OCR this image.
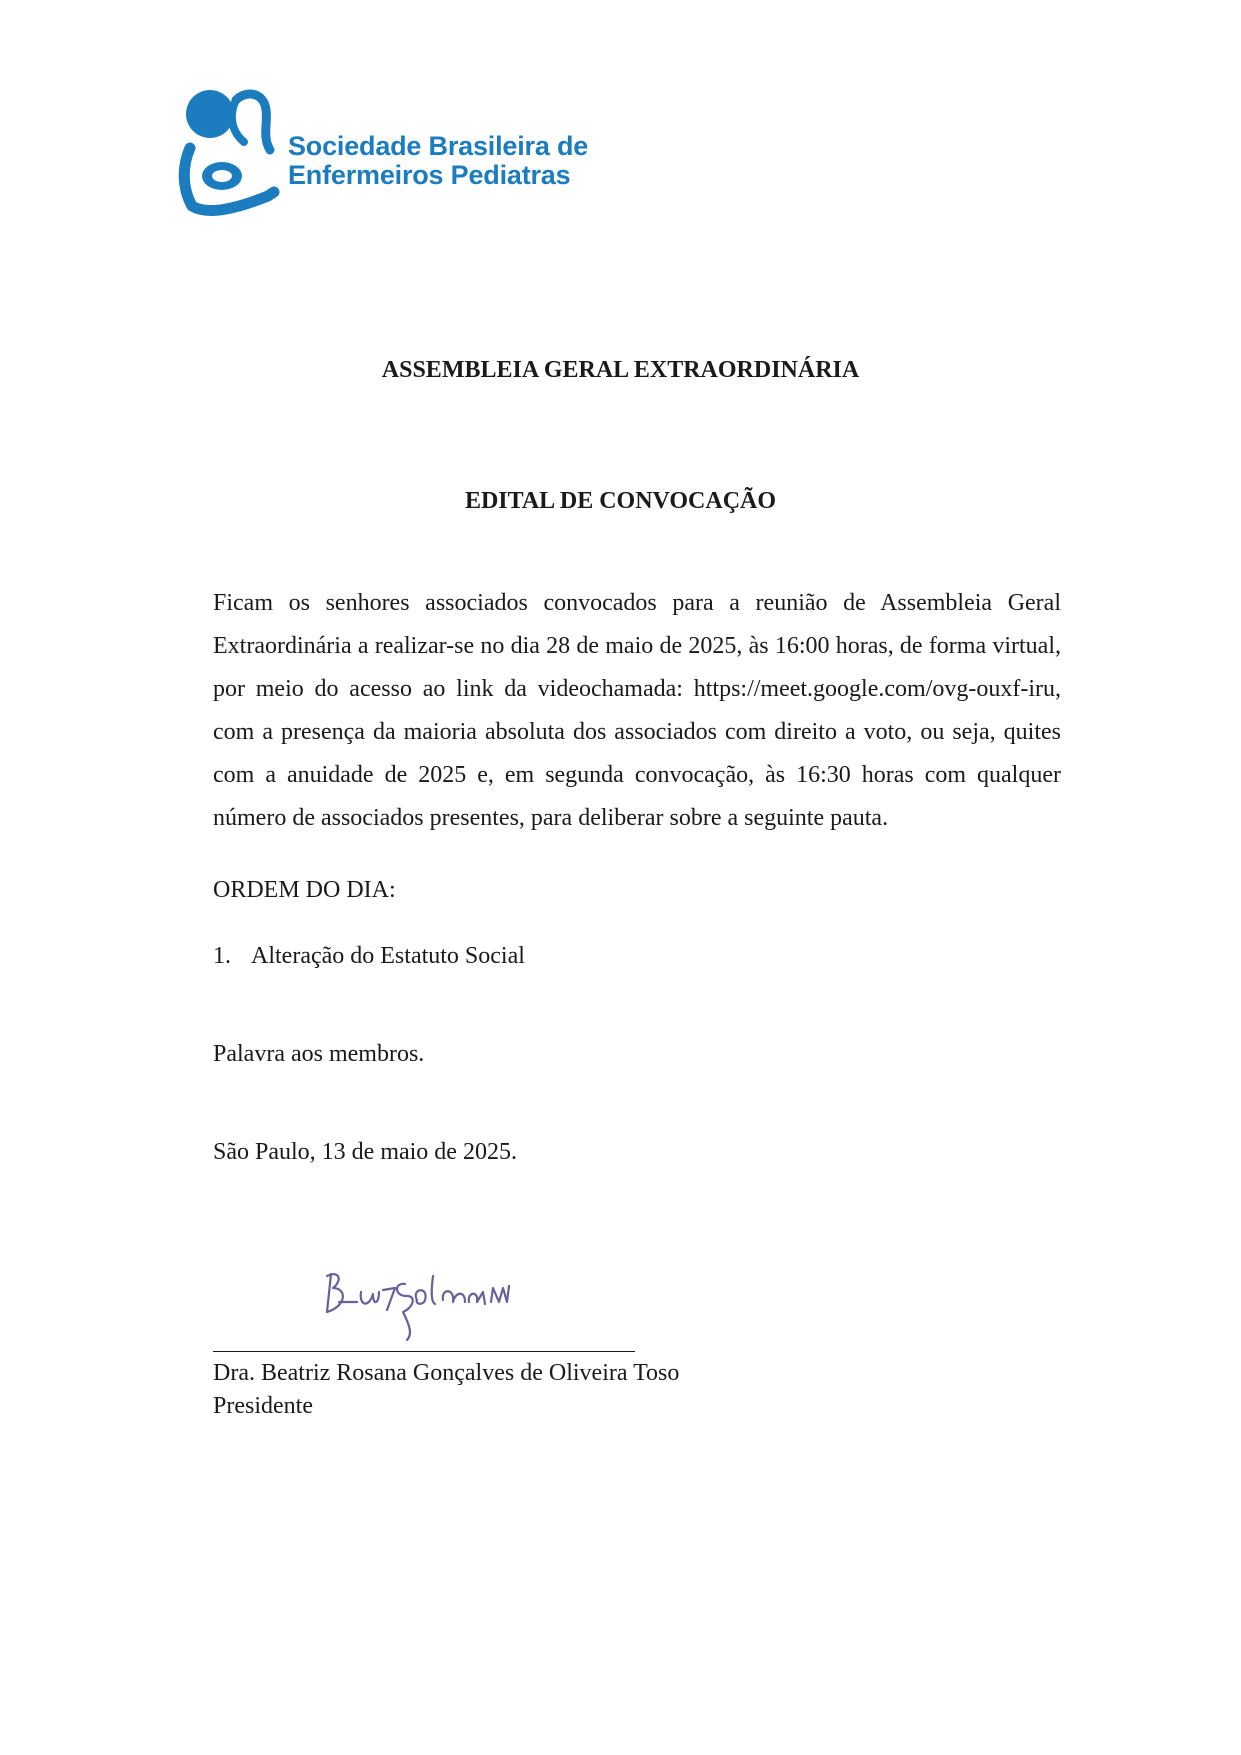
Sociedade Brasileira de
Enfermeiros Pediatras
ASSEMBLEIA GERAL EXTRAORDINÁRIA
EDITAL DE CONVOCAÇÃO
Ficam os senhores associados convocados para a reunião de Assembleia Geral Extraordinária a realizar-se no dia 28 de maio de 2025, às 16:00 horas, de forma virtual, por meio do acesso ao link da videochamada: https://meet.google.com/ovg-ouxf-iru, com a presença da maioria absoluta dos associados com direito a voto, ou seja, quites com a anuidade de 2025 e, em segunda convocação, às 16:30 horas com qualquer número de associados presentes, para deliberar sobre a seguinte pauta.
ORDEM DO DIA:
1. Alteração do Estatuto Social
Palavra aos membros.
São Paulo, 13 de maio de 2025.
Dra. Beatriz Rosana Gonçalves de Oliveira Toso
Presidente
